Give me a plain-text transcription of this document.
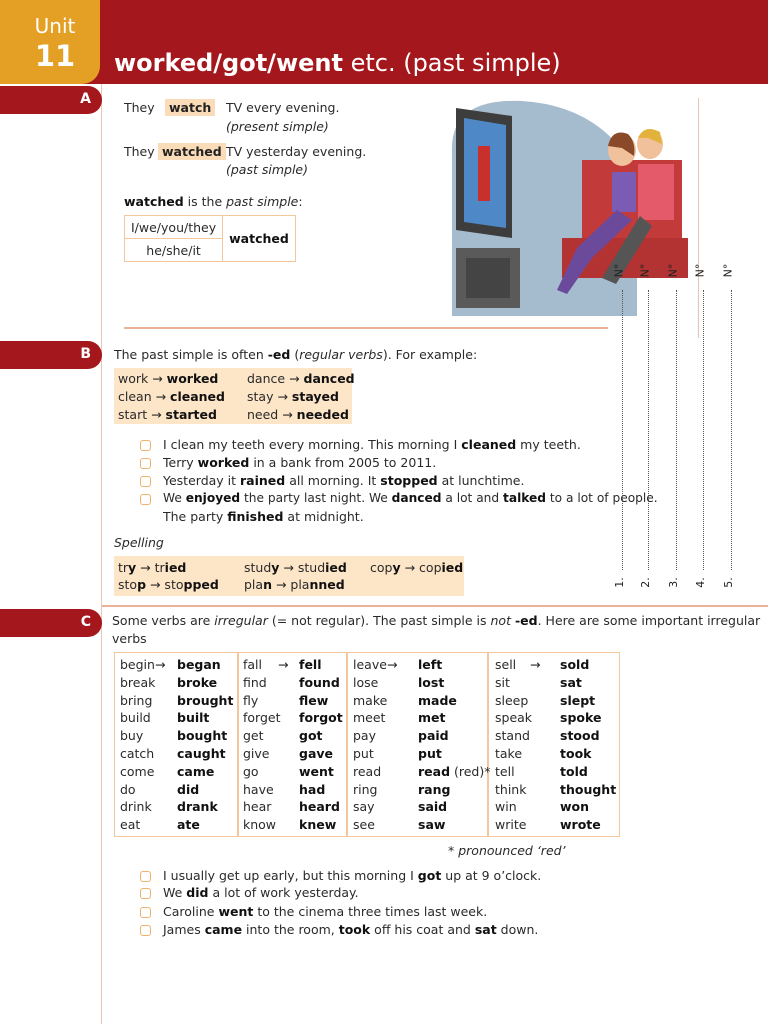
Unit
11	worked/got/went etc. (past simple)
A
B
C
They	watch	TV every evening.
(present simple)
They watched TV yesterday evening.
(past simple)
watched is the past simple:
I/we/you/they	watched
he/she/it
The past simple is often -ed (regular verbs). For example:
work → worked dance → danced
clean → cleaned stay → stayed
start → started need → needed
I clean my teeth every morning. This morning I cleaned my teeth.
Terry worked in a bank from 2005 to 2011.
Yesterday it rained all morning. It stopped at lunchtime.
We enjoyed the party last night. We danced a lot and talked to a lot of people.
The party finished at midnight.
Spelling
try → tried	study → studied copy → copied
stop → stopped plan → planned
Some verbs are irregular (= not regular). The past simple is not -ed. Here are some important irregular
verbs
begin → began
break broke
bring brought
build built
buy	bought
catch caught
come came
do	did
drink drank
eat	ate
fall → fell
find	found
fly	flew
forget forgot
get	got
give gave
go	went
have had
hear heard
know knew
leave → left
lose	lost
make made
meet	met
pay	paid
put	put
read	read (red)*
ring	rang
say	said
see	saw
sell → sold
sit	sat
sleep	slept
speak spoke
stand stood
take	took
tell	told
think	thought
win	won
write	wrote
* pronounced ‘red’
I usually get up early, but this morning I got up at 9 o’clock.
We did a lot of work yesterday.
Caroline went to the cinema three times last week.
James came into the room, took off his coat and sat down.
N°
1.
N°
2.
N°
3.
N°
4.
N°
5.
